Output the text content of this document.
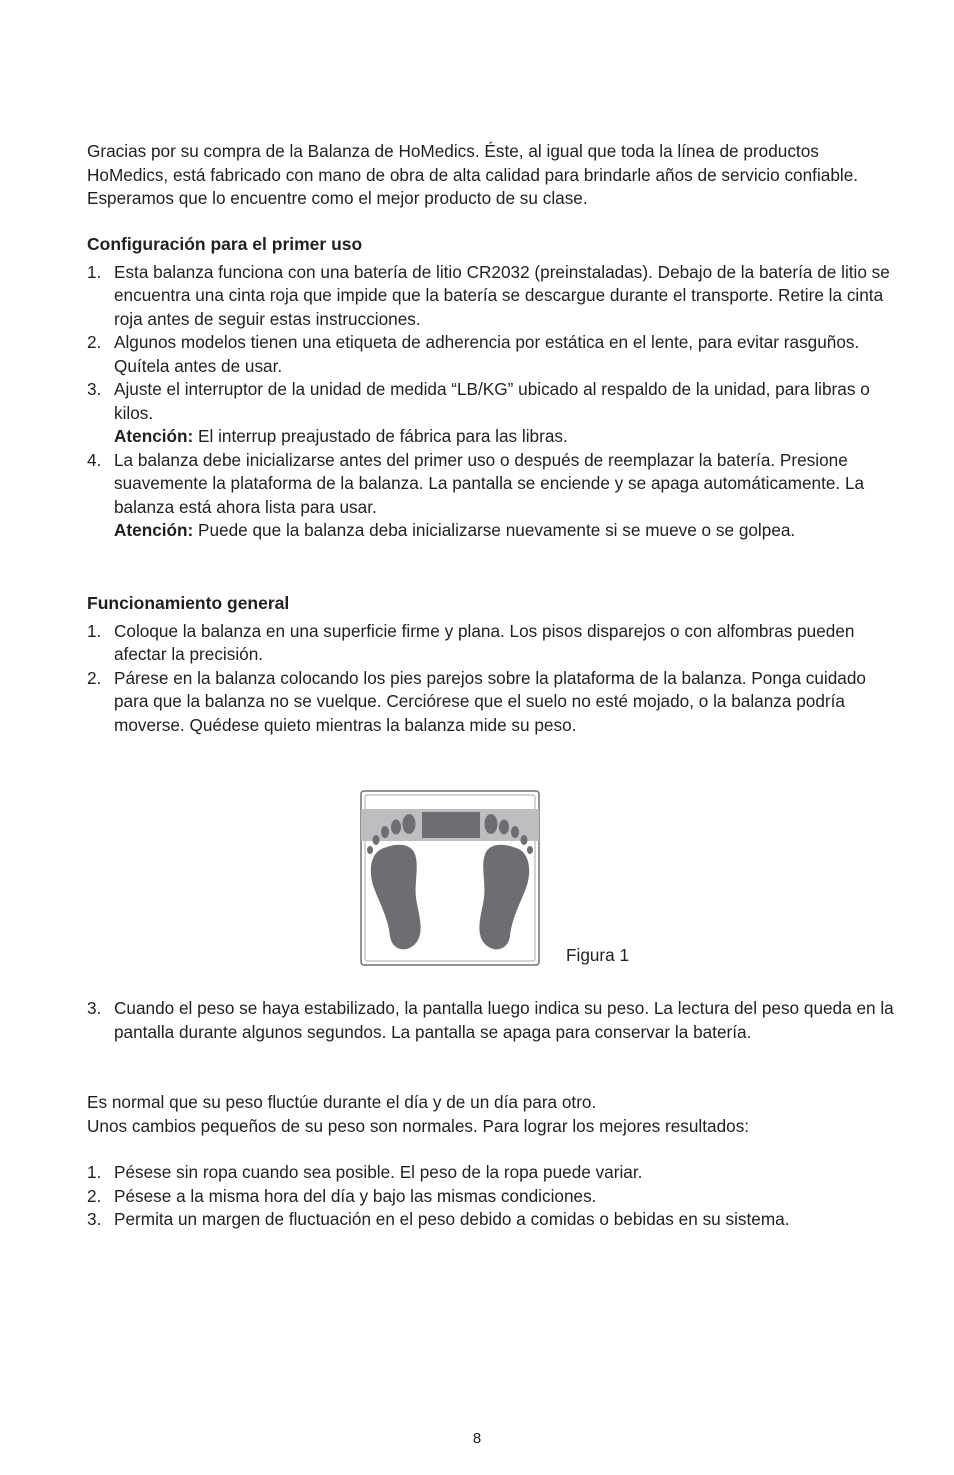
Gracias por su compra de la Balanza de HoMedics. Éste, al igual que toda la línea de productos HoMedics, está fabricado con mano de obra de alta calidad para brindarle años de servicio confiable. Esperamos que lo encuentre como el mejor producto de su clase.

Configuración para el primer uso
1. Esta balanza funciona con una batería de litio CR2032 (preinstaladas). Debajo de la batería de litio se encuentra una cinta roja que impide que la batería se descargue durante el transporte. Retire la cinta roja antes de seguir estas instrucciones.
2. Algunos modelos tienen una etiqueta de adherencia por estática en el lente, para evitar rasguños. Quítela antes de usar.
3. Ajuste el interruptor de la unidad de medida “LB/KG” ubicado al respaldo de la unidad, para libras o kilos.
Atención: El interrup preajustado de fábrica para las libras.
4. La balanza debe inicializarse antes del primer uso o después de reemplazar la batería. Presione suavemente la plataforma de la balanza. La pantalla se enciende y se apaga automáticamente. La balanza está ahora lista para usar.
Atención: Puede que la balanza deba inicializarse nuevamente si se mueve o se golpea.
Funcionamiento general
1. Coloque la balanza en una superficie firme y plana. Los pisos disparejos o con alfombras pueden afectar la precisión.
2. Párese en la balanza colocando los pies parejos sobre la plataforma de la balanza. Ponga cuidado para que la balanza no se vuelque. Cerciórese que el suelo no esté mojado, o la balanza podría moverse. Quédese quieto mientras la balanza mide su peso.
Figura 1
3. Cuando el peso se haya estabilizado, la pantalla luego indica su peso. La lectura del peso queda en la pantalla durante algunos segundos. La pantalla se apaga para conservar la batería.

Es normal que su peso fluctúe durante el día y de un día para otro.

Unos cambios pequeños de su peso son normales. Para lograr los mejores resultados:

1. Pésese sin ropa cuando sea posible. El peso de la ropa puede variar.
2. Pésese a la misma hora del día y bajo las mismas condiciones.
3. Permita un margen de fluctuación en el peso debido a comidas o bebidas en su sistema.
8
